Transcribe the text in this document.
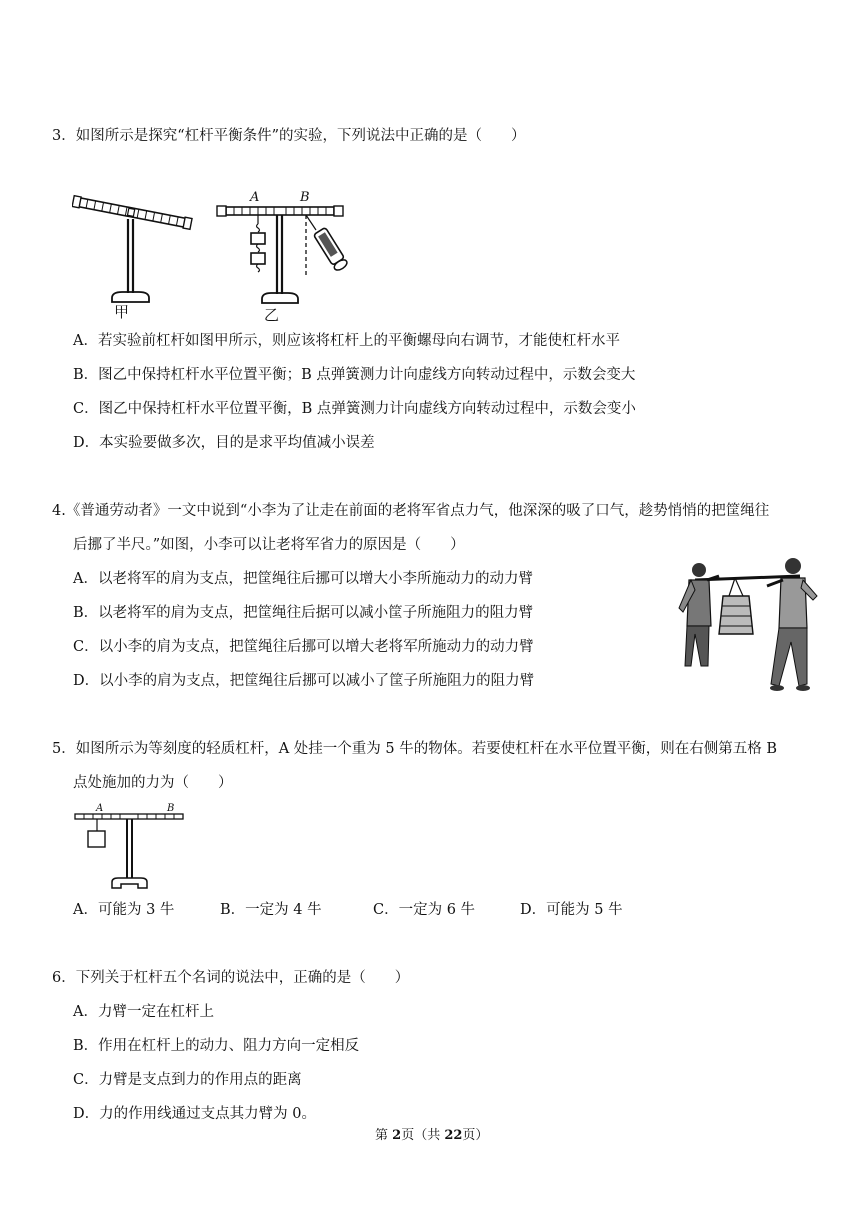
3．如图所示是探究“杠杆平衡条件”的实验，下列说法中正确的是（　　）
甲
A	B
乙
A．若实验前杠杆如图甲所示，则应该将杠杆上的平衡螺母向右调节，才能使杠杆水平
B．图乙中保持杠杆水平位置平衡；B 点弹簧测力计向虚线方向转动过程中，示数会变大
C．图乙中保持杠杆水平位置平衡，B 点弹簧测力计向虚线方向转动过程中，示数会变小
D．本实验要做多次，目的是求平均值减小误差
4.《普通劳动者》一文中说到“小李为了让走在前面的老将军省点力气，他深深的吸了口气，趁势悄悄的把筐绳往
后挪了半尺。”如图，小李可以让老将军省力的原因是（　　）
A．以老将军的肩为支点，把筐绳往后挪可以增大小李所施动力的动力臂
B．以老将军的肩为支点，把筐绳往后据可以减小筐子所施阻力的阻力臂
C．以小李的肩为支点，把筐绳往后挪可以增大老将军所施动力的动力臂
D．以小李的肩为支点，把筐绳往后挪可以减小了筐子所施阻力的阻力臂
5．如图所示为等刻度的轻质杠杆，A 处挂一个重为 5 牛的物体。若要使杠杆在水平位置平衡，则在右侧第五格 B
点处施加的力为（　　）
A	B
A．可能为 3 牛	B．一定为 4 牛	C．一定为 6 牛	D．可能为 5 牛
6．下列关于杠杆五个名词的说法中，正确的是（　　）
A．力臂一定在杠杆上
B．作用在杠杆上的动力、阻力方向一定相反
C．力臂是支点到力的作用点的距离
D．力的作用线通过支点其力臂为 0。
第 2页（共 22页）
